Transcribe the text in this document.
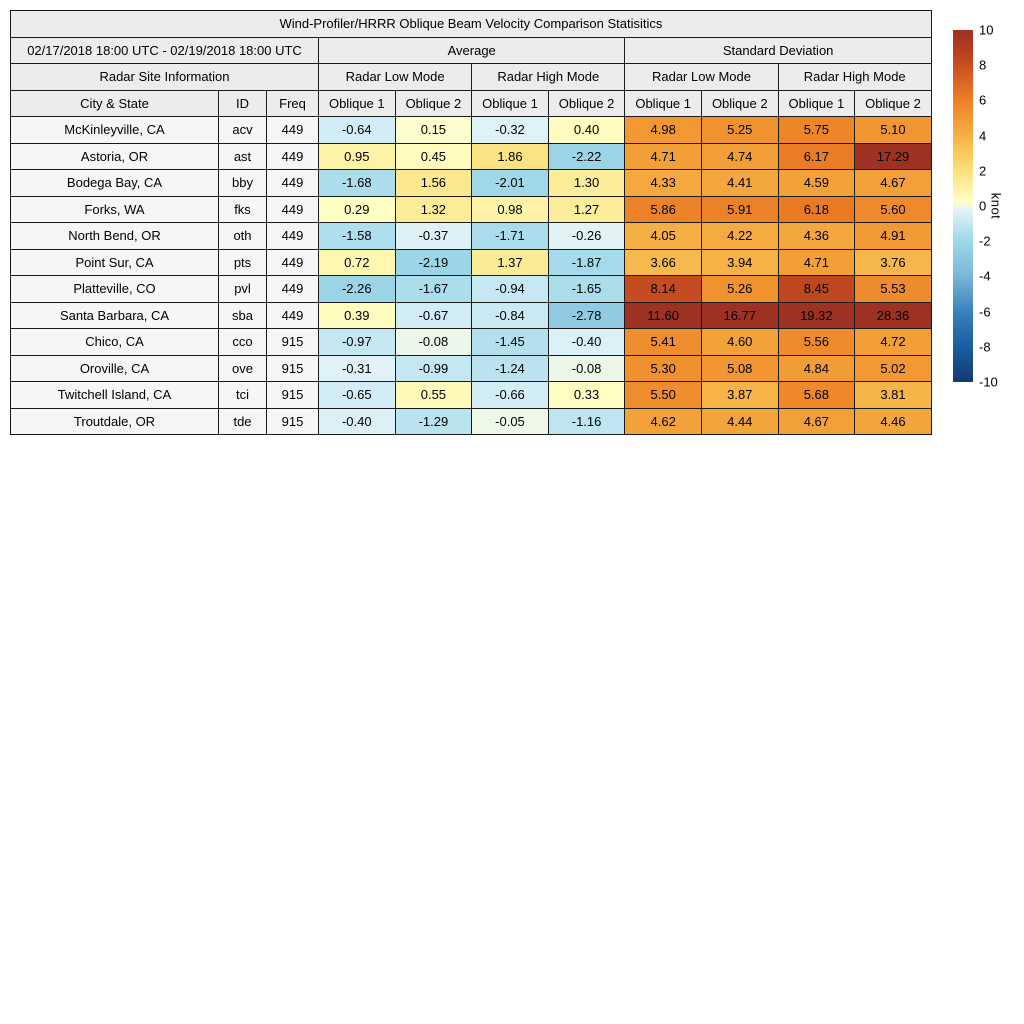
Wind-Profiler/HRRR Oblique Beam Velocity Comparison Statisitics										
02/17/2018 18:00 UTC - 02/19/2018 18:00 UTC			Average				Standard Deviation			
Radar Site Information			Radar Low Mode		Radar High Mode		Radar Low Mode		Radar High Mode	
City & State	ID	Freq	Oblique 1	Oblique 2	Oblique 1	Oblique 2	Oblique 1	Oblique 2	Oblique 1	Oblique 2
McKinleyville, CA	acv	449	-0.64	0.15	-0.32	0.40	4.98	5.25	5.75	5.10
Astoria, OR	ast	449	0.95	0.45	1.86	-2.22	4.71	4.74	6.17	17.29
Bodega Bay, CA	bby	449	-1.68	1.56	-2.01	1.30	4.33	4.41	4.59	4.67
Forks, WA	fks	449	0.29	1.32	0.98	1.27	5.86	5.91	6.18	5.60
North Bend, OR	oth	449	-1.58	-0.37	-1.71	-0.26	4.05	4.22	4.36	4.91
Point Sur, CA	pts	449	0.72	-2.19	1.37	-1.87	3.66	3.94	4.71	3.76
Platteville, CO	pvl	449	-2.26	-1.67	-0.94	-1.65	8.14	5.26	8.45	5.53
Santa Barbara, CA	sba	449	0.39	-0.67	-0.84	-2.78	11.60	16.77	19.32	28.36
Chico, CA	cco	915	-0.97	-0.08	-1.45	-0.40	5.41	4.60	5.56	4.72
Oroville, CA	ove	915	-0.31	-0.99	-1.24	-0.08	5.30	5.08	4.84	5.02
Twitchell Island, CA	tci	915	-0.65	0.55	-0.66	0.33	5.50	3.87	5.68	3.81
Troutdale, OR	tde	915	-0.40	-1.29	-0.05	-1.16	4.62	4.44	4.67	4.46
10
8
6
4
2
0
-2
-4
-6
-8
-10
knot
